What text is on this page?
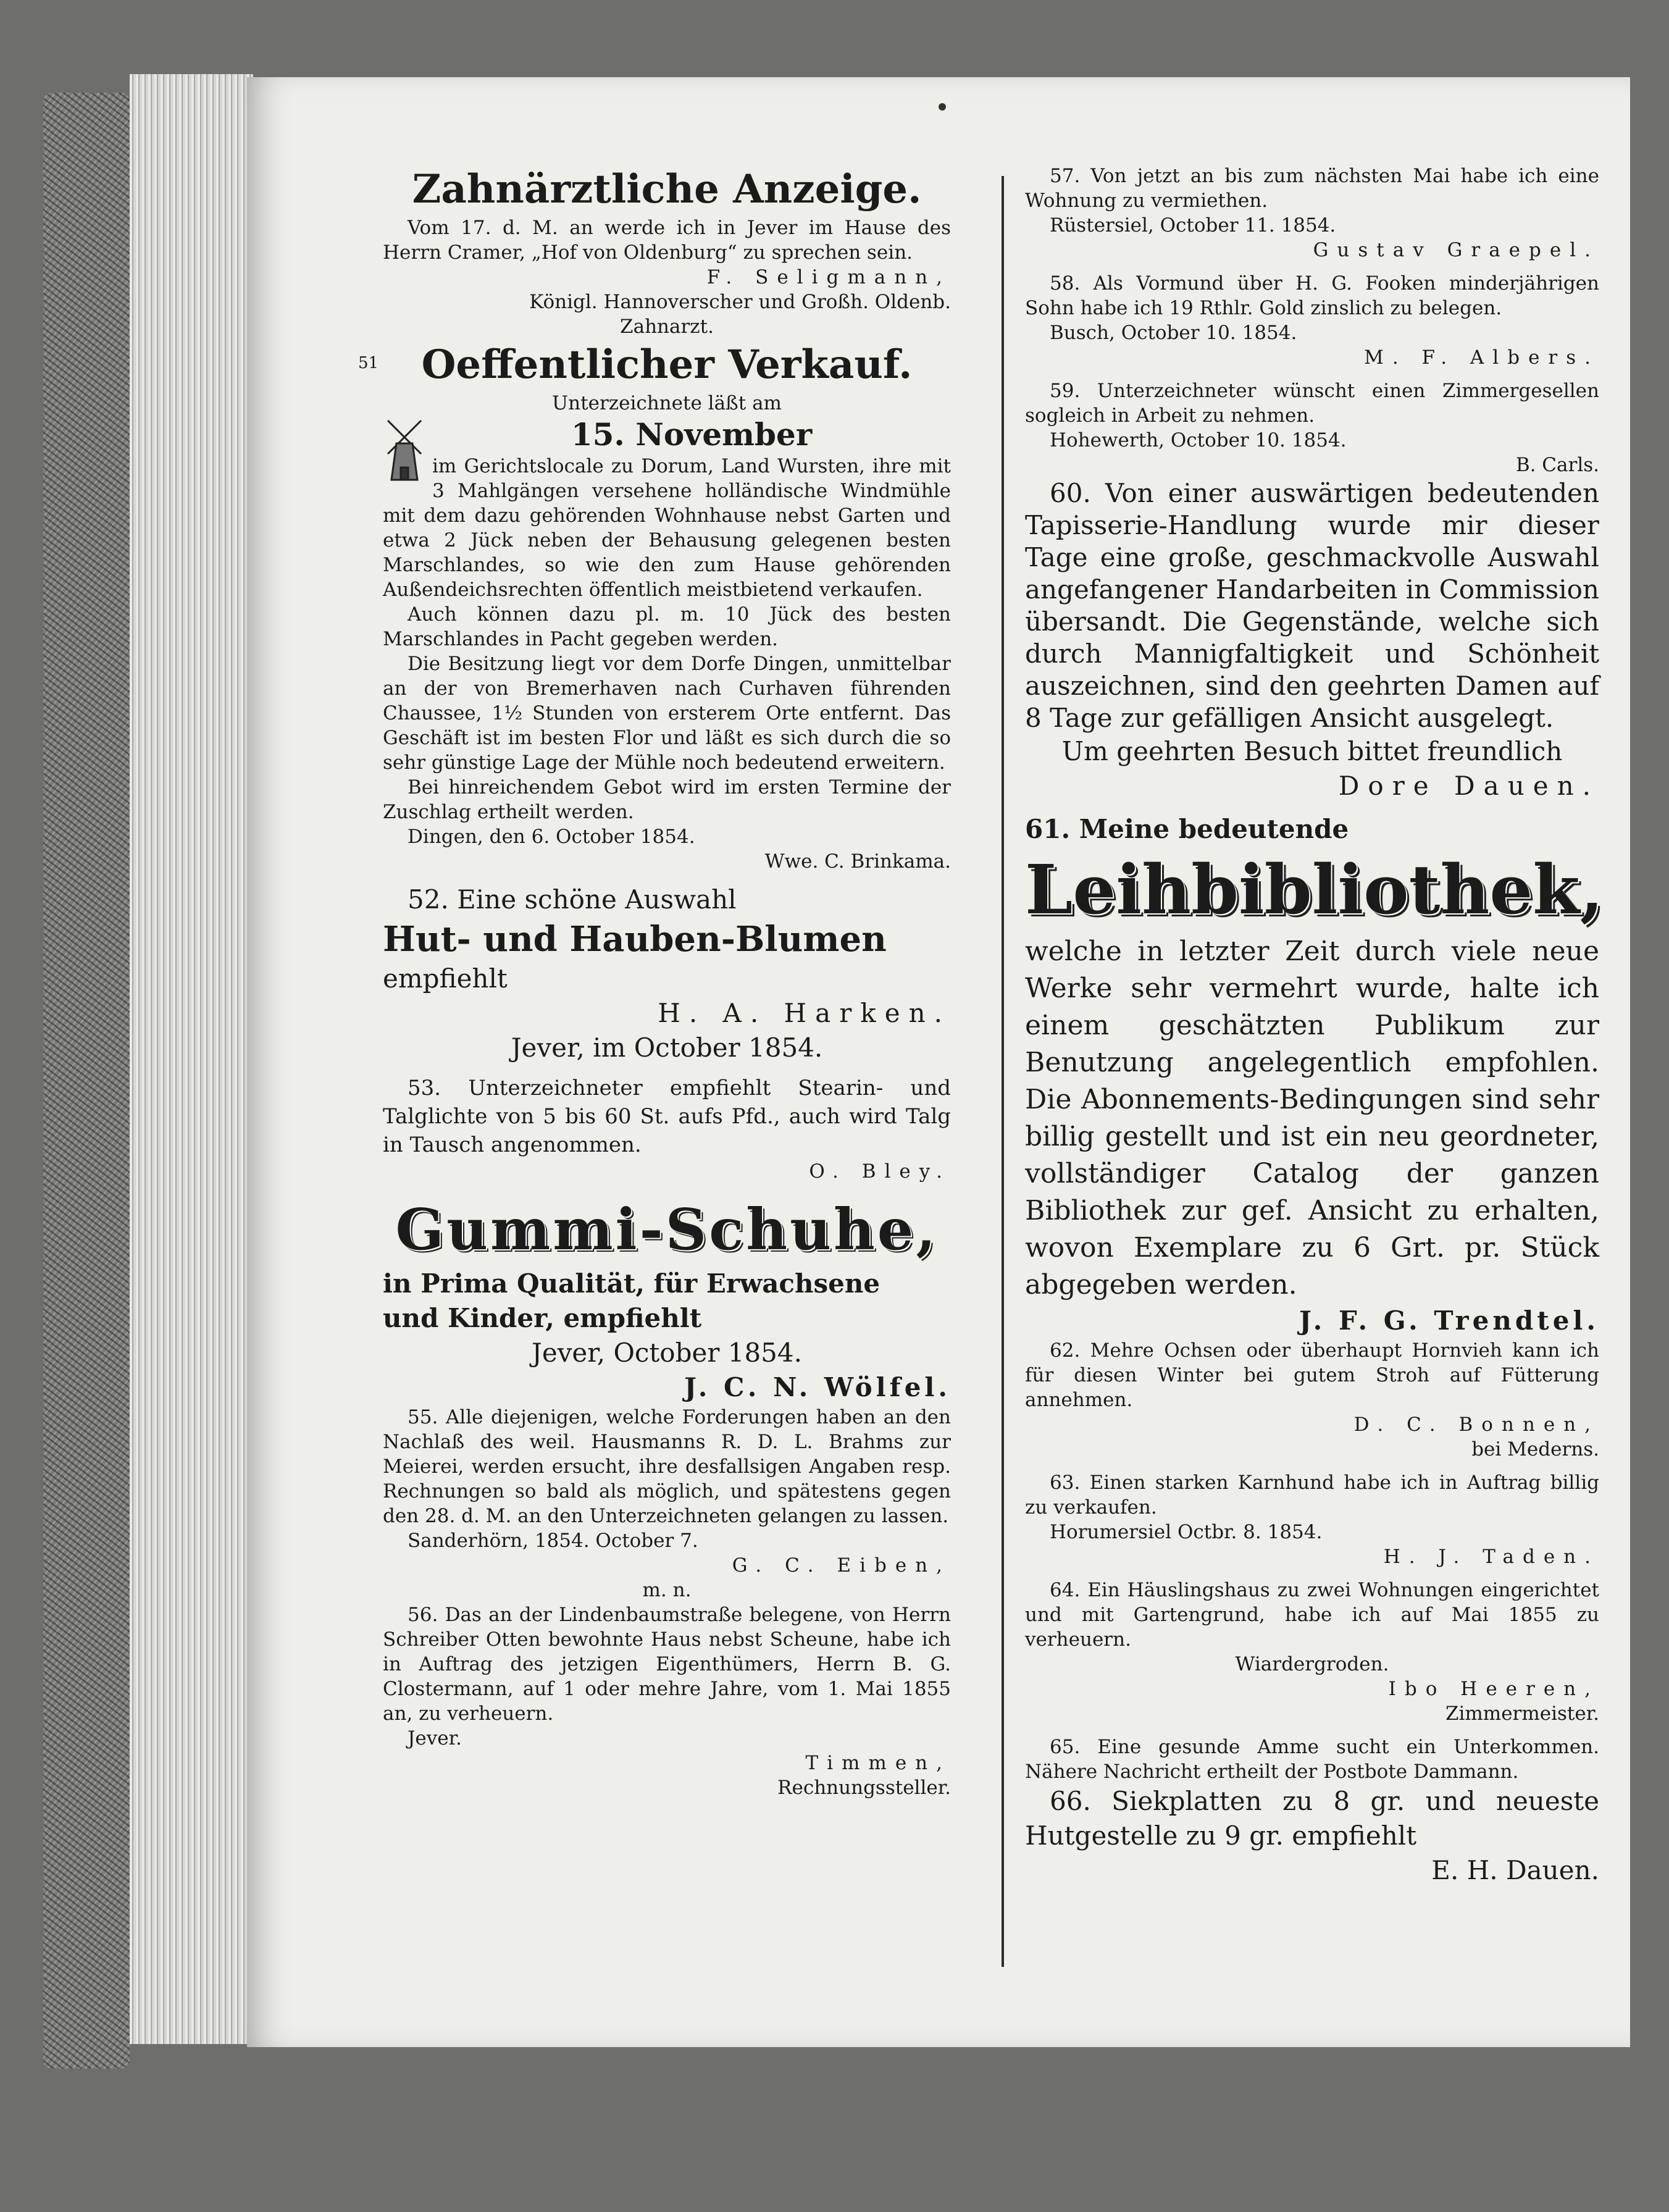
Zahnärztliche Anzeige.

Vom 17. d. M. an werde ich in Jever im Hause des Herrn Cramer, „Hof von Oldenburg“ zu sprechen sein.

F. Seligmann,

Königl. Hannoverscher und Großh. Oldenb.

Zahnarzt.

51	Oeffentlicher Verkauf.

Unterzeichnete läßt am

15. November

im Gerichtslocale zu Dorum, Land Wursten, ihre mit 3 Mahlgängen versehene holländische Windmühle mit dem dazu gehörenden Wohnhause nebst Garten und etwa 2 Jück neben der Behausung gelegenen besten Marschlandes, so wie den zum Hause gehörenden Außendeichsrechten öffentlich meistbietend verkaufen.

Auch können dazu pl. m. 10 Jück des besten Marschlandes in Pacht gegeben werden.

Die Besitzung liegt vor dem Dorfe Dingen, unmittelbar an der von Bremerhaven nach Curhaven führenden Chaussee, 1½ Stunden von ersterem Orte entfernt. Das Geschäft ist im besten Flor und läßt es sich durch die so sehr günstige Lage der Mühle noch bedeutend erweitern.

Bei hinreichendem Gebot wird im ersten Termine der Zuschlag ertheilt werden.

Dingen, den 6. October 1854.

Wwe. C. Brinkama.

52. Eine schöne Auswahl

Hut- und Hauben-Blumen

empfiehlt

H. A. Harken.

Jever, im October 1854.

53. Unterzeichneter empfiehlt Stearin- und Talglichte von 5 bis 60 St. aufs Pfd., auch wird Talg in Tausch angenommen.

O. Bley.

Gummi-Schuhe,

in Prima Qualität, für Erwachsene

und Kinder, empfiehlt

Jever, October 1854.

J. C. N. Wölfel.

55. Alle diejenigen, welche Forderungen haben an den Nachlaß des weil. Hausmanns R. D. L. Brahms zur Meierei, werden ersucht, ihre desfallsigen Angaben resp. Rechnungen so bald als möglich, und spätestens gegen den 28. d. M. an den Unterzeichneten gelangen zu lassen.

Sanderhörn, 1854. October 7.

G. C. Eiben,

m. n.

56. Das an der Lindenbaumstraße belegene, von Herrn Schreiber Otten bewohnte Haus nebst Scheune, habe ich in Auftrag des jetzigen Eigenthümers, Herrn B. G. Clostermann, auf 1 oder mehre Jahre, vom 1. Mai 1855 an, zu verheuern.

Jever.

Timmen,

Rechnungssteller.

57. Von jetzt an bis zum nächsten Mai habe ich eine Wohnung zu vermiethen.

Rüstersiel, October 11. 1854.

Gustav Graepel.

58. Als Vormund über H. G. Fooken minderjährigen Sohn habe ich 19 Rthlr. Gold zinslich zu belegen.

Busch, October 10. 1854.

M. F. Albers.

59. Unterzeichneter wünscht einen Zimmergesellen sogleich in Arbeit zu nehmen.

Hohewerth, October 10. 1854.

B. Carls.

60. Von einer auswärtigen bedeutenden Tapisserie-Handlung wurde mir dieser Tage eine große, geschmackvolle Auswahl angefangener Handarbeiten in Commission übersandt. Die Gegenstände, welche sich durch Mannigfaltigkeit und Schönheit auszeichnen, sind den geehrten Damen auf 8 Tage zur gefälligen Ansicht ausgelegt.

Um geehrten Besuch bittet freundlich

Dore Dauen.

61. Meine bedeutende

Leihbibliothek,

welche in letzter Zeit durch viele neue Werke sehr vermehrt wurde, halte ich einem geschätzten Publikum zur Benutzung angelegentlich empfohlen. Die Abonnements-Bedingungen sind sehr billig gestellt und ist ein neu geordneter, vollständiger Catalog der ganzen Bibliothek zur gef. Ansicht zu erhalten, wovon Exemplare zu 6 Grt. pr. Stück abgegeben werden.

J. F. G. Trendtel.

62. Mehre Ochsen oder überhaupt Hornvieh kann ich für diesen Winter bei gutem Stroh auf Fütterung annehmen.

D. C. Bonnen,

bei Mederns.

63. Einen starken Karnhund habe ich in Auftrag billig zu verkaufen.

Horumersiel Octbr. 8. 1854.

H. J. Taden.

64. Ein Häuslingshaus zu zwei Wohnungen eingerichtet und mit Gartengrund, habe ich auf Mai 1855 zu verheuern.

Wiardergroden.

Ibo Heeren,

Zimmermeister.

65. Eine gesunde Amme sucht ein Unterkommen. Nähere Nachricht ertheilt der Postbote Dammann.

66. Siekplatten zu 8 gr. und neueste Hutgestelle zu 9 gr. empfiehlt

E. H. Dauen.
